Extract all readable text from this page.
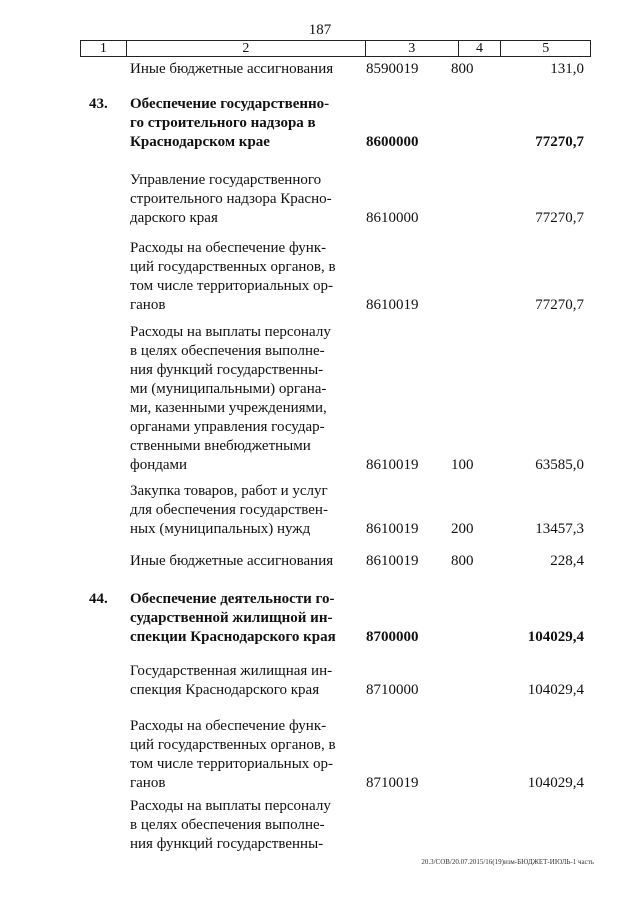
187
1	2	3	4	5
Иные бюджетные ассигнования 8590019 800	131,0
43. Обеспечение государственно-
го строительного надзора в
Краснодарском крае	8600000	77270,7
Управление государственного
строительного надзора Красно-
дарского края	8610000	77270,7
Расходы на обеспечение функ-
ций государственных органов, в
том числе территориальных ор-
ганов	8610019	77270,7
Расходы на выплаты персоналу
в целях обеспечения выполне-
ния функций государственны-
ми (муниципальными) органа-
ми, казенными учреждениями,
органами управления государ-
ственными внебюджетными
фондами	8610019 100	63585,0
Закупка товаров, работ и услуг
для обеспечения государствен-
ных (муниципальных) нужд	8610019 200	13457,3
Иные бюджетные ассигнования 8610019 800	228,4
44. Обеспечение деятельности го-
сударственной жилищной ин-
спекции Краснодарского края 8700000	104029,4
Государственная жилищная ин-
спекция Краснодарского края	8710000	104029,4
Расходы на обеспечение функ-
ций государственных органов, в
том числе территориальных ор-
ганов	8710019	104029,4
Расходы на выплаты персоналу
в целях обеспечения выполне-
ния функций государственны-
20.3/СОВ/20.07.2015/16(19)изм-БЮДЖЕТ-ИЮЛЬ-1 часть
